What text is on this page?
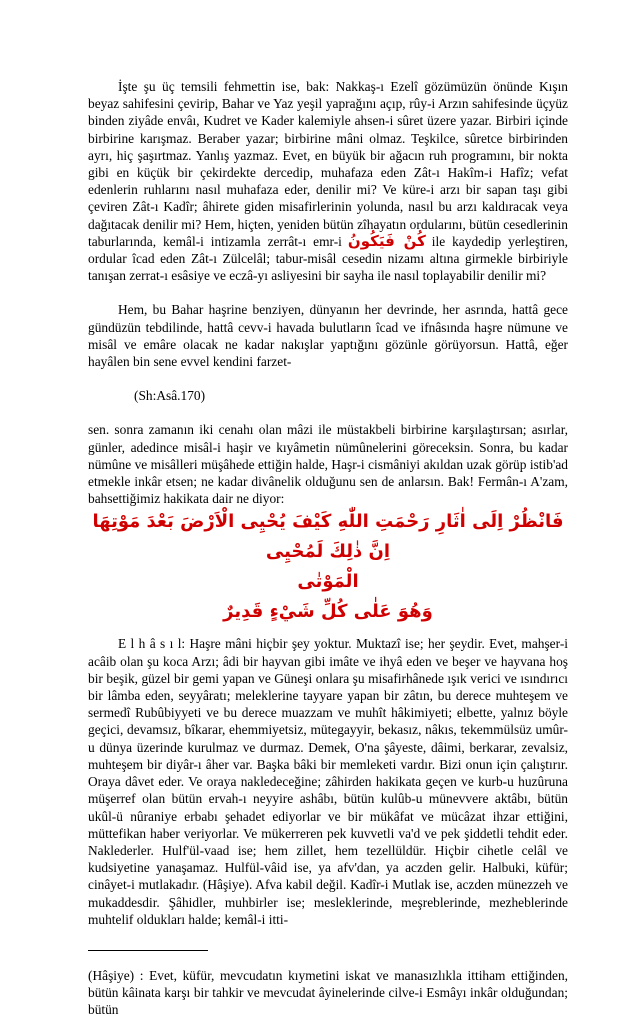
İşte şu üç temsili fehmettin ise, bak: Nakkaş-ı Ezelî gözümüzün önünde Kışın beyaz sahifesini çevirip, Bahar ve Yaz yeşil yaprağını açıp, rûy-i Arzın sahifesinde üçyüz binden ziyâde envâı, Kudret ve Kader kalemiyle ahsen-i sûret üzere yazar. Birbiri içinde birbirine karışmaz. Beraber yazar; birbirine mâni olmaz. Teşkilce, sûretce birbirinden ayrı, hiç şaşırtmaz. Yanlış yazmaz. Evet, en büyük bir ağacın ruh programını, bir nokta gibi en küçük bir çekirdekte dercedip, muhafaza eden Zât-ı Hakîm-i Hafîz; vefat edenlerin ruhlarını nasıl muhafaza eder, denilir mi? Ve küre-i arzı bir sapan taşı gibi çeviren Zât-ı Kadîr; âhirete giden misafirlerinin yolunda, nasıl bu arzı kaldıracak veya dağıtacak denilir mi? Hem, hiçten, yeniden bütün zîhayatın ordularını, bütün cesedlerinin taburlarında, kemâl-i intizamla zerrât-ı emr-i كُنْ فَيَكُونُ ile kaydedip yerleştiren, ordular îcad eden Zât-ı Zülcelâl; tabur-misâl cesedin nizamı altına girmekle birbiriyle tanışan zerrat-ı esâsiye ve eczâ-yı asliyesini bir sayha ile nasıl toplayabilir denilir mi?

Hem, bu Bahar haşrine benziyen, dünyanın her devrinde, her asrında, hattâ gece gündüzün tebdilinde, hattâ cevv-i havada bulutların îcad ve ifnâsında haşre nümune ve misâl ve emâre olacak ne kadar nakışlar yaptığını gözünle görüyorsun. Hattâ, eğer hayâlen bin sene evvel kendini farzet-

(Sh:Asâ.170)

sen. sonra zamanın iki cenahı olan mâzi ile müstakbeli birbirine karşılaştırsan; asırlar, günler, adedince misâl-i haşir ve kıyâmetin nümûnelerini göreceksin. Sonra, bu kadar nümûne ve misâlleri müşâhede ettiğin halde, Haşr-i cismâniyi akıldan uzak görüp istib'ad etmekle inkâr etsen; ne kadar divânelik olduğunu sen de anlarsın. Bak! Fermân-ı A'zam, bahsettiğimiz hakikata dair ne diyor:

فَانْظُرْ اِلَى اٰثَارِ رَحْمَتِ اللّٰهِ كَيْفَ يُحْيِى الْاَرْضَ بَعْدَ مَوْتِهَا اِنَّ ذٰلِكَ لَمُحْيِى
الْمَوْتٰى
وَهُوَ عَلٰى كُلِّ شَيْءٍ قَدِيرٌ

E l h â s ı l: Haşre mâni hiçbir şey yoktur. Muktazî ise; her şeydir. Evet, mahşer-i acâib olan şu koca Arzı; âdi bir hayvan gibi imâte ve ihyâ eden ve beşer ve hayvana hoş bir beşik, güzel bir gemi yapan ve Güneşi onlara şu misafirhânede ışık verici ve ısındırıcı bir lâmba eden, seyyâratı; meleklerine tayyare yapan bir zâtın, bu derece muhteşem ve sermedî Rubûbiyyeti ve bu derece muazzam ve muhît hâkimiyeti; elbette, yalnız böyle geçici, devamsız, bîkarar, ehemmiyetsiz, mütegayyir, bekasız, nâkıs, tekemmülsüz umûr-u dünya üzerinde kurulmaz ve durmaz. Demek, O'na şâyeste, dâimi, berkarar, zevalsiz, muhteşem bir diyâr-ı âher var. Başka bâki bir memleketi vardır. Bizi onun için çalıştırır. Oraya dâvet eder. Ve oraya nakledeceğine; zâhirden hakikata geçen ve kurb-u huzûruna müşerref olan bütün ervah-ı neyyire ashâbı, bütün kulûb-u münevvere aktâbı, bütün ukûl-ü nûraniye erbabı şehadet ediyorlar ve bir mükâfat ve mücâzat ihzar ettiğini, müttefikan haber veriyorlar. Ve mükerreren pek kuvvetli va'd ve pek şiddetli tehdit eder. Naklederler. Hulf'ül-vaad ise; hem zillet, hem tezellüldür. Hiçbir cihetle celâl ve kudsiyetine yanaşamaz. Hulfül-vâid ise, ya afv'dan, ya aczden gelir. Halbuki, küfür; cinâyet-i mutlakadır. (Hâşiye). Afva kabil değil. Kadîr-i Mutlak ise, aczden münezzeh ve mukaddesdir. Şâhidler, muhbirler ise; mesleklerinde, meşreblerinde, mezheblerinde muhtelif oldukları halde; kemâl-i itti-

(Hâşiye) : Evet, küfür, mevcudatın kıymetini iskat ve manasızlıkla ittiham ettiğinden, bütün kâinata karşı bir tahkir ve mevcudat âyinelerinde cilve-i Esmâyı inkâr olduğundan; bütün
